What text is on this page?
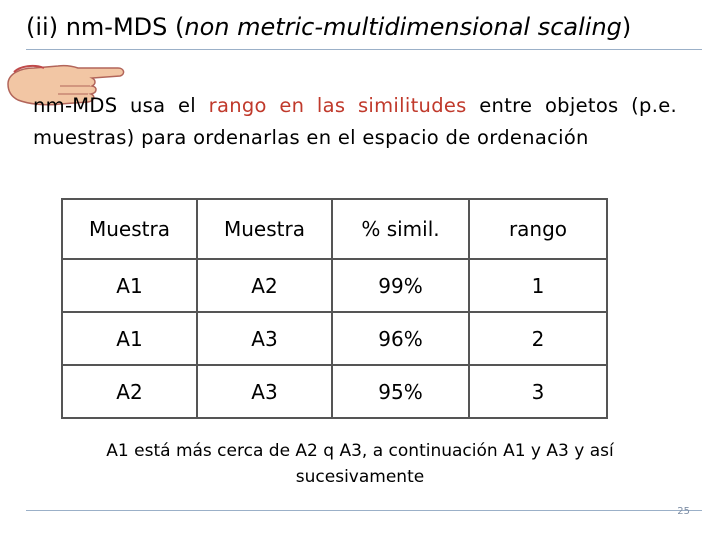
(ii) nm-MDS (non metric-multidimensional scaling)
nm-MDS usa el rango en las similitudes entre objetos (p.e. muestras) para ordenarlas en el espacio de ordenación
Muestra	Muestra	% simil.	rango
A1	A2	99%	1
A1	A3	96%	2
A2	A3	95%	3
A1 está más cerca de A2 q A3, a continuación A1 y A3 y así sucesivamente
25
